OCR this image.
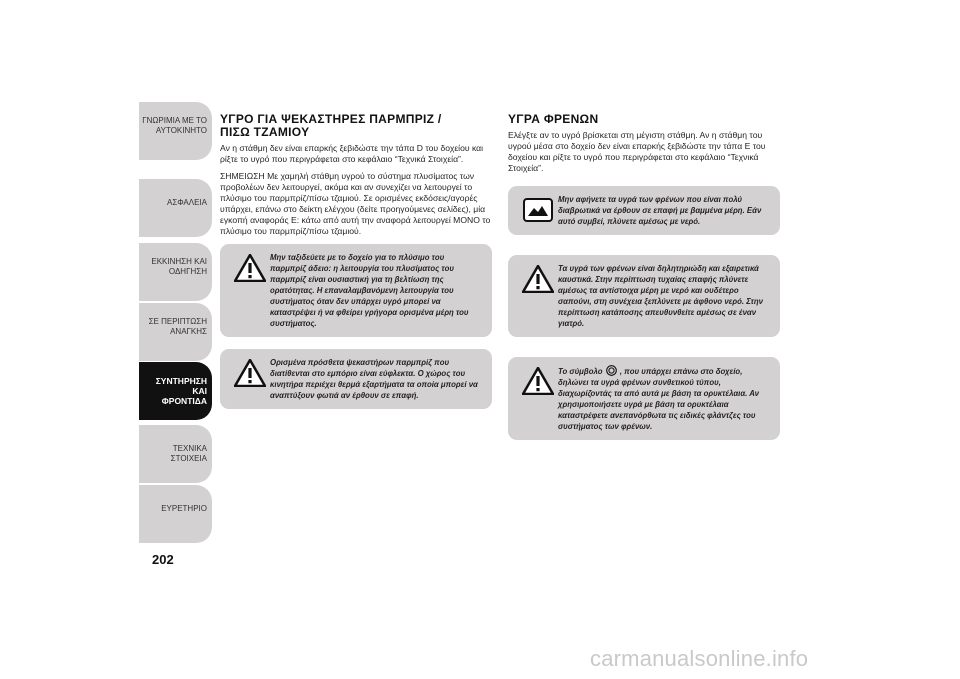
ΓΝΩΡΙΜΙΑ ΜΕ ΤΟ
ΑΥΤΟΚΙΝΗΤΟ
ΑΣΦΑΛΕΙΑ
ΕΚΚΙΝΗΣΗ ΚΑΙ
ΟΔΗΓΗΣΗ
ΣΕ ΠΕΡΙΠΤΩΣΗ
ΑΝΑΓΚΗΣ
ΣΥΝΤΗΡΗΣΗ ΚΑΙ
ΦΡΟΝΤΙΔΑ
ΤΕΧΝΙΚΑ ΣΤΟΙΧΕΙΑ
ΕΥΡΕΤΗΡΙΟ
202
ΥΓΡΟ ΓΙΑ ΨΕΚΑΣΤΗΡΕΣ ΠΑΡΜΠΡΙΖ /
ΠΙΣΩ ΤΖΑΜΙΟΥ

Αν η στάθμη δεν είναι επαρκής ξεβιδώστε την τάπα D του δοχείου και ρίξτε το υγρό που περιγράφεται στο κεφάλαιο “Τεχνικά Στοιχεία”.

ΣΗΜΕΙΩΣΗ Με χαμηλή στάθμη υγρού το σύστημα πλυσίματος των προβολέων δεν λειτουργεί, ακόμα και αν συνεχίζει να λειτουργεί το πλύσιμο του παρμπρίζ/πίσω τζαμιού. Σε ορισμένες εκδόσεις/αγορές υπάρχει, επάνω στο δείκτη ελέγχου (δείτε προηγούμενες σελίδες), μία εγκοπή αναφοράς E: κάτω από αυτή την αναφορά λειτουργεί ΜΟΝΟ το πλύσιμο του παρμπρίζ/πίσω τζαμιού.

Μην ταξιδεύετε με το δοχείο για το πλύσιμο του παρμπρίζ άδειο: η λειτουργία του πλυσίματος του παρμπρίζ είναι ουσιαστική για τη βελτίωση της ορατότητας. Η επαναλαμβανόμενη λειτουργία του συστήματος όταν δεν υπάρχει υγρό μπορεί να καταστρέψει ή να φθείρει γρήγορα ορισμένα μέρη του συστήματος.
Ορισμένα πρόσθετα ψεκαστήρων παρμπρίζ που διατίθενται στο εμπόριο είναι εύφλεκτα. Ο χώρος του κινητήρα περιέχει θερμά εξαρτήματα τα οποία μπορεί να αναπτύξουν φωτιά αν έρθουν σε επαφή.
ΥΓΡΑ ΦΡΕΝΩΝ

Ελέγξτε αν το υγρό βρίσκεται στη μέγιστη στάθμη. Αν η στάθμη του υγρού μέσα στο δοχείο δεν είναι επαρκής ξεβιδώστε την τάπα Ε του δοχείου και ρίξτε το υγρό που περιγράφεται στο κεφάλαιο “Τεχνικά Στοιχεία”.

Μην αφήνετε τα υγρά των φρένων που είναι πολύ διαβρωτικά να έρθουν σε επαφή με βαμμένα μέρη. Εάν αυτό συμβεί, πλύνετε αμέσως με νερό.
Τα υγρά των φρένων είναι δηλητηριώδη και εξαιρετικά καυστικά. Στην περίπτωση τυχαίας επαφής πλύνετε αμέσως τα αντίστοιχα μέρη με νερό και ουδέτερο σαπούνι, στη συνέχεια ξεπλύνετε με άφθονο νερό. Στην περίπτωση κατάποσης απευθυνθείτε αμέσως σε έναν γιατρό.
Το σύμβολο , που υπάρχει επάνω στο δοχείο, δηλώνει τα υγρά φρένων συνθετικού τύπου, διαχωρίζοντάς τα από αυτά με βάση τα ορυκτέλαια. Αν χρησιμοποιήσετε υγρά με βάση τα ορυκτέλαια καταστρέφετε ανεπανόρθωτα τις ειδικές φλάντζες του συστήματος των φρένων.
carmanualsonline.info
